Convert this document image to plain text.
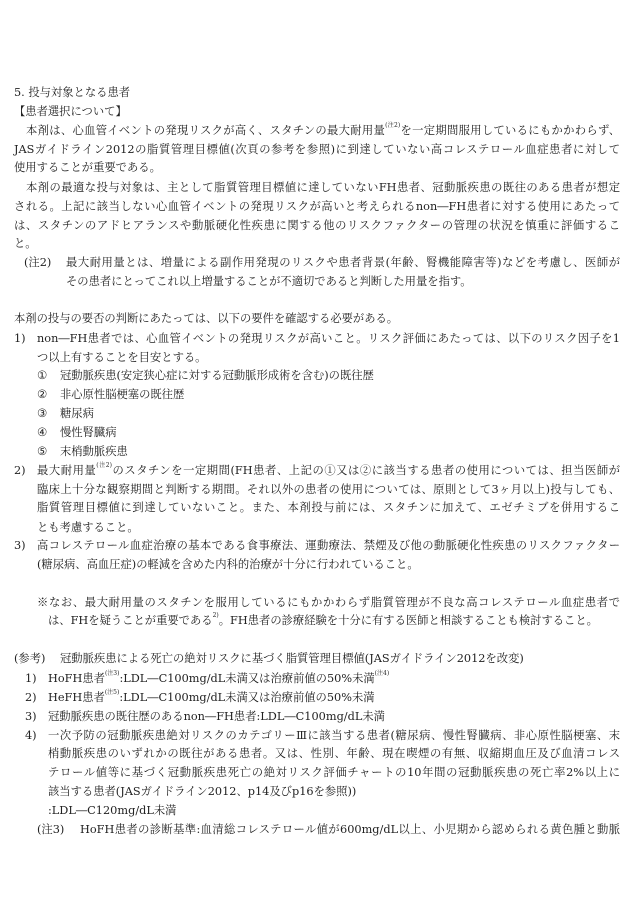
5. 投与対象となる患者
【患者選択について】
本剤は、心血管イベントの発現リスクが高く、スタチンの最大耐用量$^{(注2)}$を一定期間服用しているにもかかわらず、
JASガイドライン2012の脂質管理目標値(次頁の参考を参照)に到達していない高コレステロール血症患者に対して
使用することが重要である。
本剤の最適な投与対象は、主として脂質管理目標値に達していないFH患者、冠動脈疾患の既往のある患者が想定
される。上記に該当しない心血管イベントの発現リスクが高いと考えられるnon―FH患者に対する使用にあたって
は、スタチンのアドヒアランスや動脈硬化性疾患に関する他のリスクファクターの管理の状況を慎重に評価するこ
と。
(注2) 最大耐用量とは、増量による副作用発現のリスクや患者背景(年齢、腎機能障害等)などを考慮し、医師が
その患者にとってこれ以上増量することが不適切であると判断した用量を指す。
本剤の投与の要否の判断にあたっては、以下の要件を確認する必要がある。
1) non―FH患者では、心血管イベントの発現リスクが高いこと。リスク評価にあたっては、以下のリスク因子を1
つ以上有することを目安とする。
① 冠動脈疾患(安定狭心症に対する冠動脈形成術を含む)の既往歴
② 非心原性脳梗塞の既往歴
③ 糖尿病
④ 慢性腎臓病
⑤ 末梢動脈疾患
2) 最大耐用量$^{(注2)}$のスタチンを一定期間(FH患者、上記の①又は②に該当する患者の使用については、担当医師が
臨床上十分な観察期間と判断する期間。それ以外の患者の使用については、原則として3ヶ月以上)投与しても、
脂質管理目標値に到達していないこと。また、本剤投与前には、スタチンに加えて、エゼチミブを併用するこ
とも考慮すること。
3) 高コレステロール血症治療の基本である食事療法、運動療法、禁煙及び他の動脈硬化性疾患のリスクファクター
(糖尿病、高血圧症)の軽減を含めた内科的治療が十分に行われていること。
※なお、最大耐用量のスタチンを服用しているにもかかわらず脂質管理が不良な高コレステロール血症患者で
は、FHを疑うことが重要である$^{2)}$。FH患者の診療経験を十分に有する医師と相談することも検討すること。
(参考) 冠動脈疾患による死亡の絶対リスクに基づく脂質管理目標値(JASガイドライン2012を改変)
1) HoFH患者$^{(注3)}$:LDL―C100mg/dL未満又は治療前値の50%未満$^{(注4)}$
2) HeFH患者$^{(注5)}$:LDL―C100mg/dL未満又は治療前値の50%未満
3) 冠動脈疾患の既往歴のあるnon―FH患者:LDL―C100mg/dL未満
4) 一次予防の冠動脈疾患絶対リスクのカテゴリーⅢに該当する患者(糖尿病、慢性腎臓病、非心原性脳梗塞、末
梢動脈疾患のいずれかの既往がある患者。又は、性別、年齢、現在喫煙の有無、収縮期血圧及び血清コレス
テロール値等に基づく冠動脈疾患死亡の絶対リスク評価チャートの10年間の冠動脈疾患の死亡率2%以上に
該当する患者(JASガイドライン2012、p14及びp16を参照))
:LDL―C120mg/dL未満
(注3) HoFH患者の診断基準:血清総コレステロール値が600mg/dL以上、小児期から認められる黄色腫と動脈
